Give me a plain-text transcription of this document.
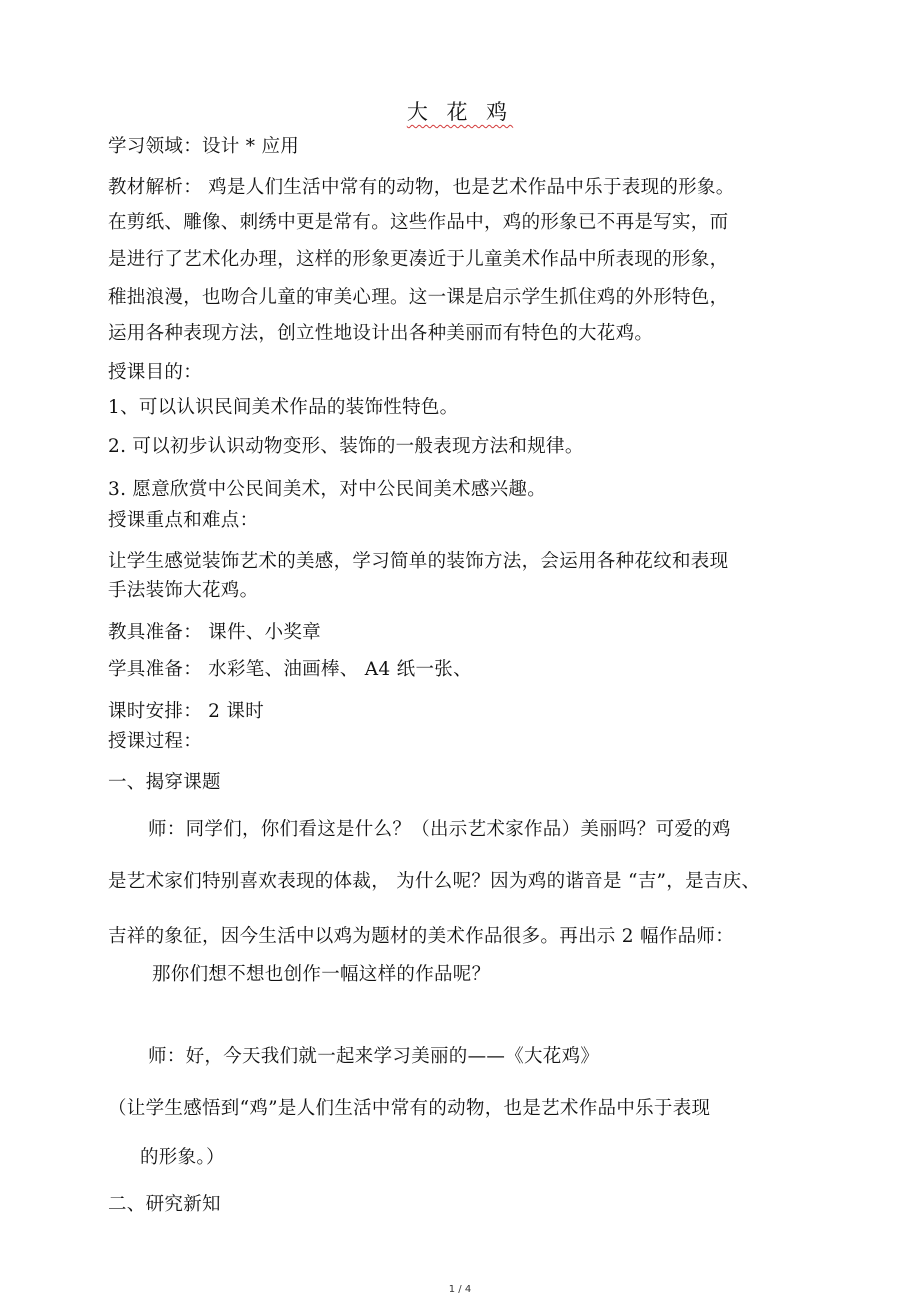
大 花 鸡
学习领域：设计 * 应用
教材解析： 鸡是人们生活中常有的动物，也是艺术作品中乐于表现的形象。
在剪纸、雕像、刺绣中更是常有。这些作品中，鸡的形象已不再是写实，而
是进行了艺术化办理，这样的形象更凑近于儿童美术作品中所表现的形象，
稚拙浪漫，也吻合儿童的审美心理。这一课是启示学生抓住鸡的外形特色，
运用各种表现方法，创立性地设计出各种美丽而有特色的大花鸡。
授课目的：
1、可以认识民间美术作品的装饰性特色。
2. 可以初步认识动物变形、装饰的一般表现方法和规律。
3. 愿意欣赏中公民间美术，对中公民间美术感兴趣。
授课重点和难点：
让学生感觉装饰艺术的美感，学习简单的装饰方法，会运用各种花纹和表现
手法装饰大花鸡。
教具准备： 课件、小奖章
学具准备： 水彩笔、油画棒、 A4 纸一张、
课时安排： 2 课时
授课过程：
一、揭穿课题
师：同学们，你们看这是什么？（出示艺术家作品）美丽吗？可爱的鸡
是艺术家们特别喜欢表现的体裁， 为什么呢？因为鸡的谐音是 “吉”，是吉庆、
吉祥的象征，因今生活中以鸡为题材的美术作品很多。再出示 2 幅作品师：
那你们想不想也创作一幅这样的作品呢？
师：好，今天我们就一起来学习美丽的——《大花鸡》
（让学生感悟到“鸡”是人们生活中常有的动物，也是艺术作品中乐于表现
的形象。）
二、研究新知
1 / 4
